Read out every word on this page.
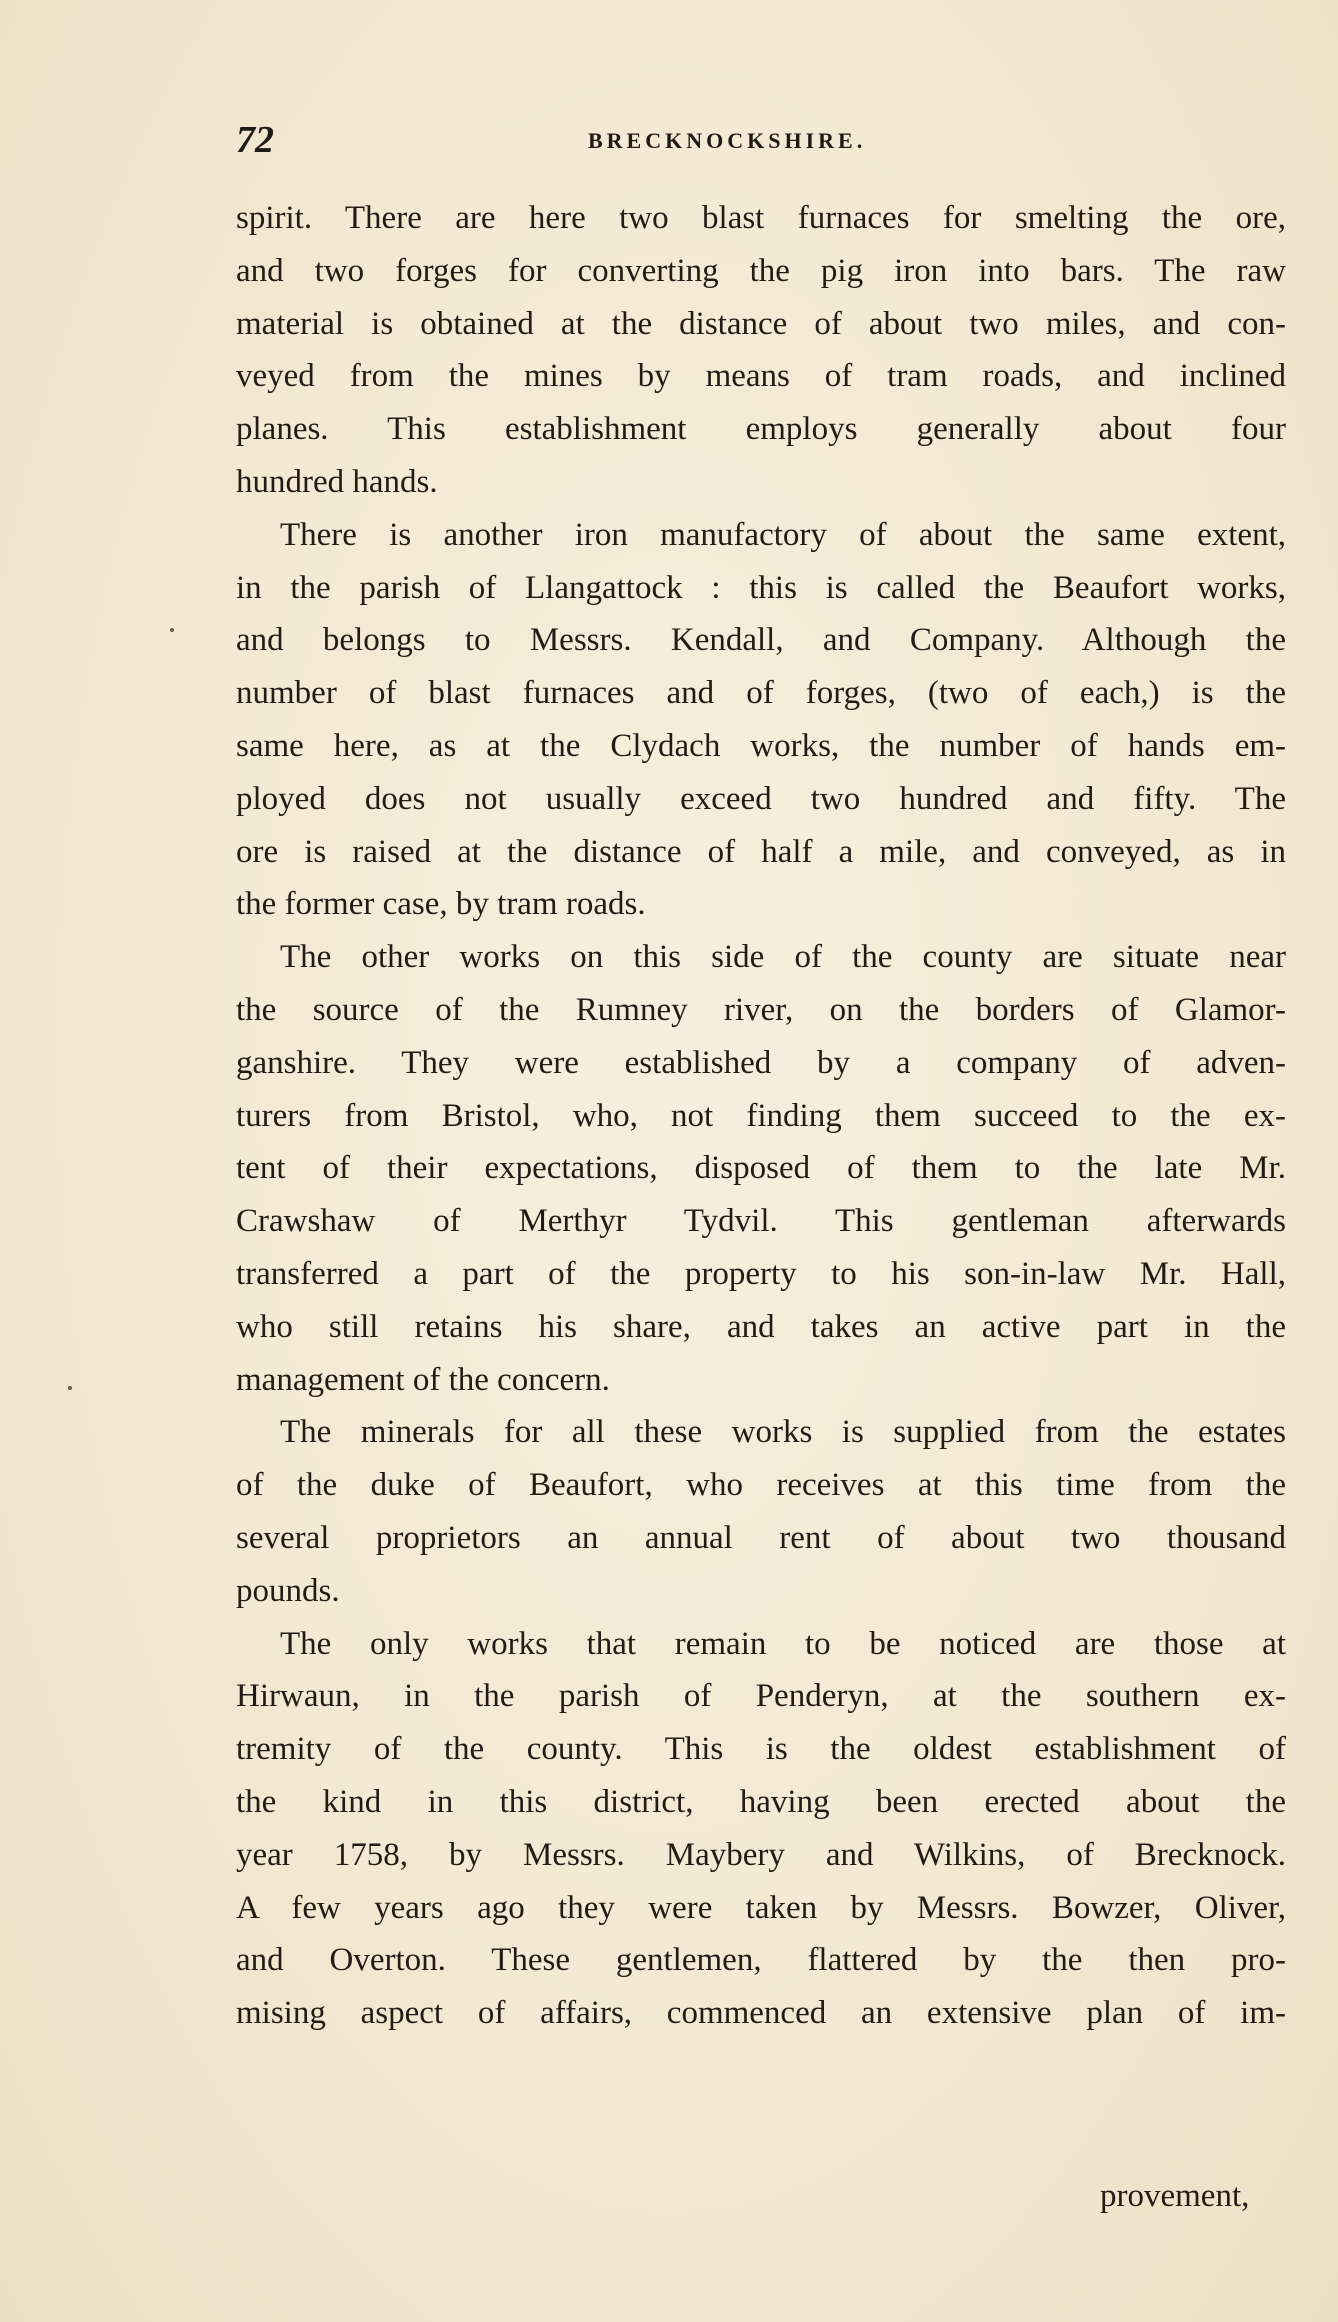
72	BRECKNOCKSHIRE.
spirit. There are here two blast furnaces for smelting the ore,
and two forges for converting the pig iron into bars. The raw
material is obtained at the distance of about two miles, and con-
veyed from the mines by means of tram roads, and inclined
planes. This establishment employs generally about four
hundred hands.
There is another iron manufactory of about the same extent,
in the parish of Llangattock : this is called the Beaufort works,
and belongs to Messrs. Kendall, and Company. Although the
number of blast furnaces and of forges, (two of each,) is the
same here, as at the Clydach works, the number of hands em-
ployed does not usually exceed two hundred and fifty. The
ore is raised at the distance of half a mile, and conveyed, as in
the former case, by tram roads.
The other works on this side of the county are situate near
the source of the Rumney river, on the borders of Glamor-
ganshire. They were established by a company of adven-
turers from Bristol, who, not finding them succeed to the ex-
tent of their expectations, disposed of them to the late Mr.
Crawshaw of Merthyr Tydvil. This gentleman afterwards
transferred a part of the property to his son-in-law Mr. Hall,
who still retains his share, and takes an active part in the
management of the concern.
The minerals for all these works is supplied from the estates
of the duke of Beaufort, who receives at this time from the
several proprietors an annual rent of about two thousand
pounds.
The only works that remain to be noticed are those at
Hirwaun, in the parish of Penderyn, at the southern ex-
tremity of the county. This is the oldest establishment of
the kind in this district, having been erected about the
year 1758, by Messrs. Maybery and Wilkins, of Brecknock.
A few years ago they were taken by Messrs. Bowzer, Oliver,
and Overton. These gentlemen, flattered by the then pro-
mising aspect of affairs, commenced an extensive plan of im-
provement,
